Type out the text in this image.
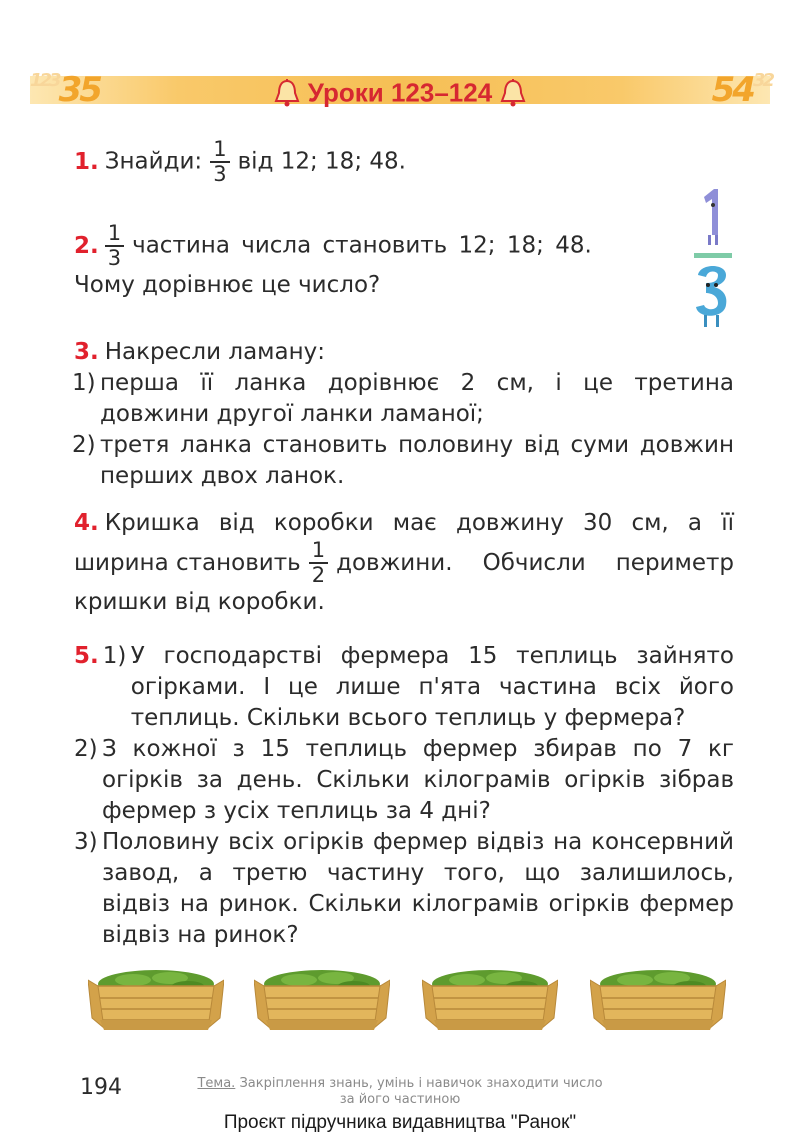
$^{123}$35	Уроки 123–124	$54^{32}$
1. Знайди: $\frac{1}{3}$ від 12; 18; 48.
2. $\frac{1}{3}$ частина числа становить 12; 18; 48.
Чому дорівнює це число?
3. Накресли ламану:
1) перша її ланка дорівнює 2 см, і це третина довжини другої ланки ламаної;
2) третя ланка становить половину від суми довжин перших двох ланок.
4. Кришка від коробки має довжину 30 см, а її
ширина становить $\frac{1}{2}$ довжини. Обчисли периметр
кришки від коробки.
5. 1) У господарстві фермера 15 теплиць зайнято огірками. І це лише п'ята частина всіх його теплиць. Скільки всього теплиць у фермера?
2) З кожної з 15 теплиць фермер збирав по 7 кг огірків за день. Скільки кілограмів огірків зібрав фермер з усіх теплиць за 4 дні?
3) Половину всіх огірків фермер відвіз на консервний завод, а третю частину того, що залишилось, відвіз на ринок. Скільки кілограмів огірків фермер відвіз на ринок?
194	Тема. Закріплення знань, умінь і навичок знаходити число
за його частиною
Проєкт підручника видавництва "Ранок"
